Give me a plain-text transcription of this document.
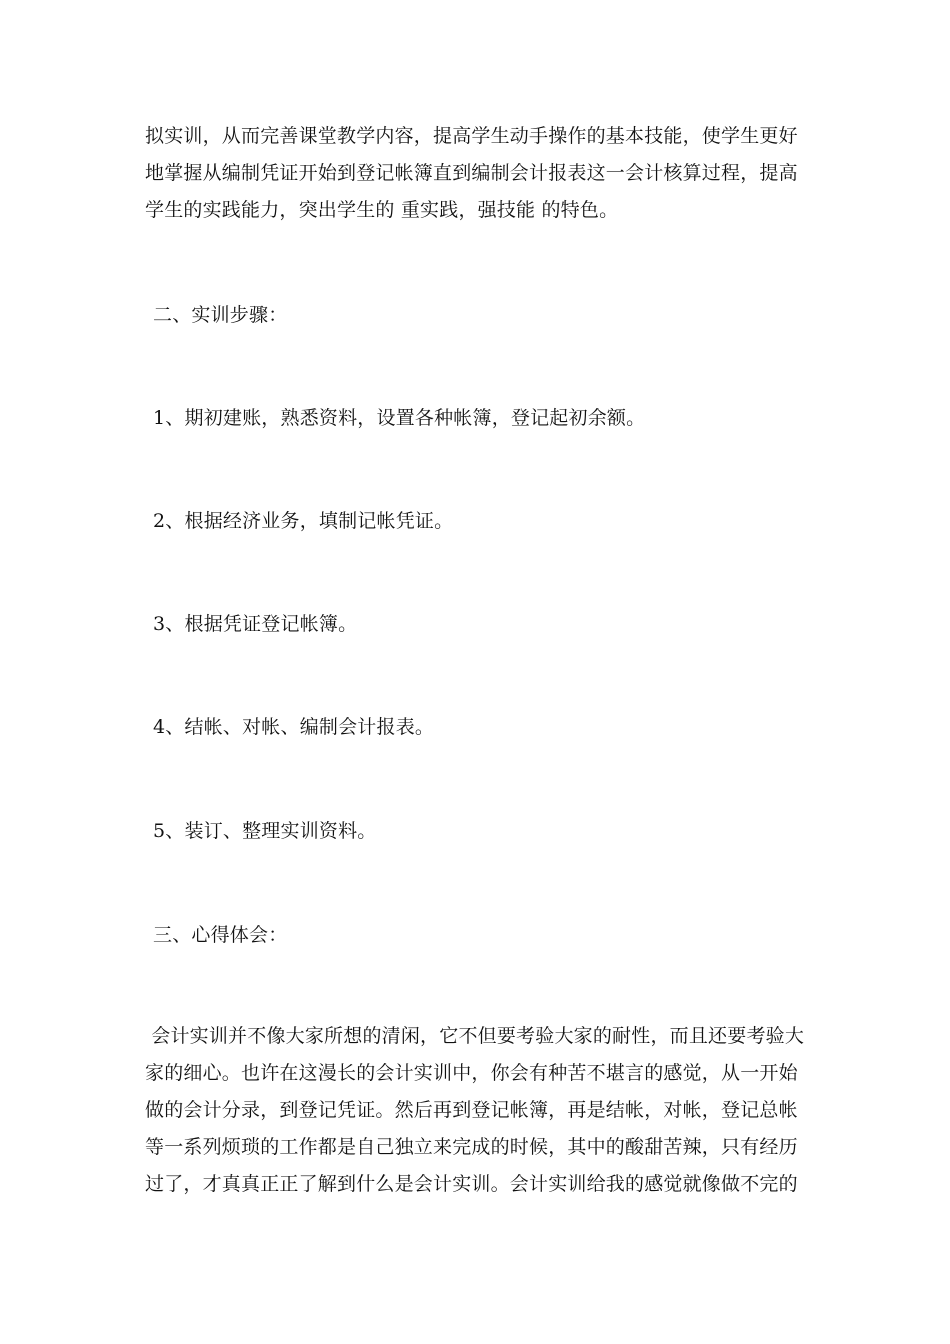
拟实训，从而完善课堂教学内容，提高学生动手操作的基本技能，使学生更好
地掌握从编制凭证开始到登记帐簿直到编制会计报表这一会计核算过程，提高
学生的实践能力，突出学生的 重实践，强技能 的特色。
二、实训步骤：
1、期初建账，熟悉资料，设置各种帐簿，登记起初余额。
2、根据经济业务，填制记帐凭证。
3、根据凭证登记帐簿。
4、结帐、对帐、编制会计报表。
5、装订、整理实训资料。
三、心得体会：
会计实训并不像大家所想的清闲，它不但要考验大家的耐性，而且还要考验大
家的细心。也许在这漫长的会计实训中，你会有种苦不堪言的感觉，从一开始
做的会计分录，到登记凭证。然后再到登记帐簿，再是结帐，对帐，登记总帐
等一系列烦琐的工作都是自己独立来完成的时候，其中的酸甜苦辣，只有经历
过了，才真真正正了解到什么是会计实训。会计实训给我的感觉就像做不完的
